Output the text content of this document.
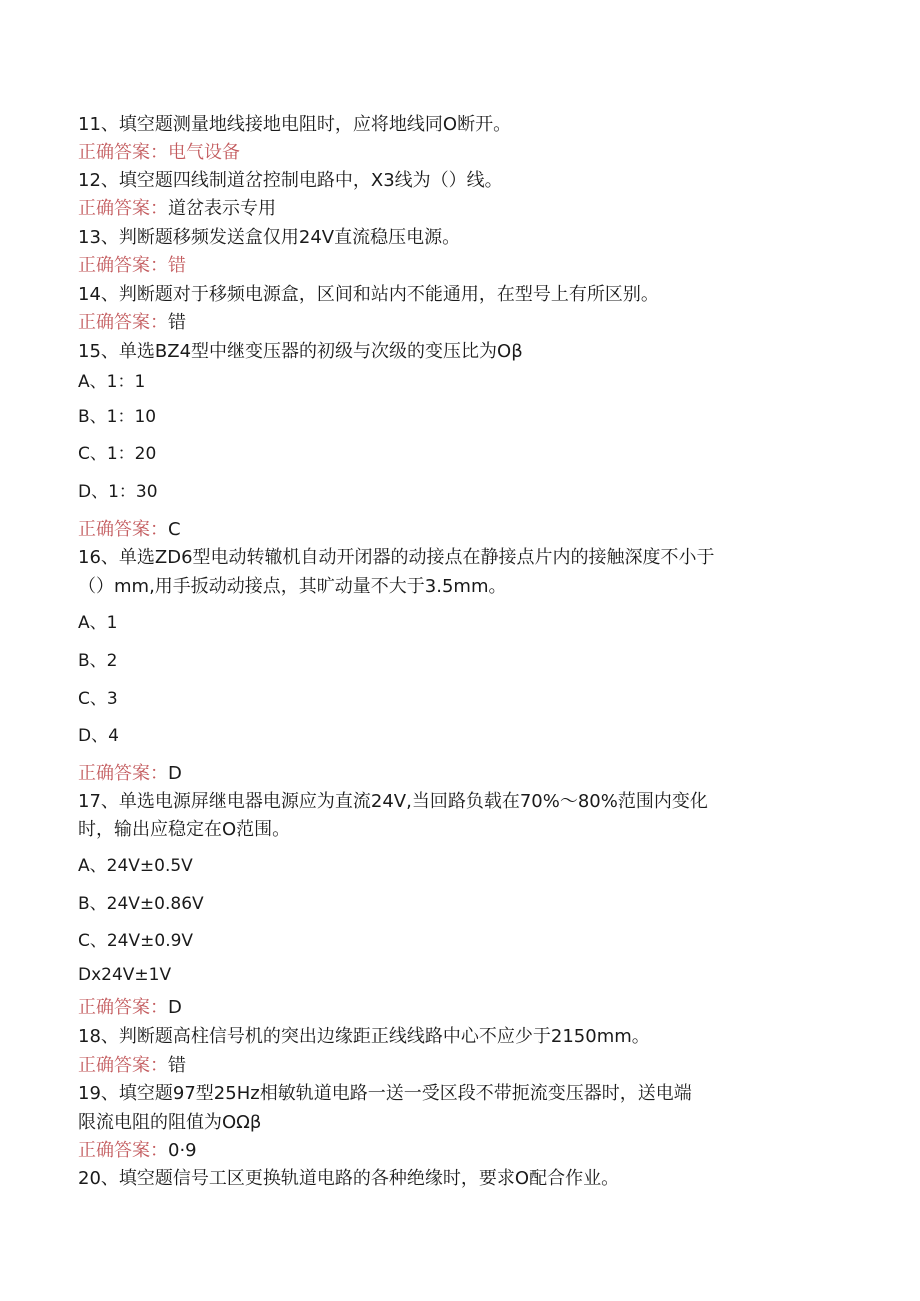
11、填空题测量地线接地电阻时，应将地线同O断开。
正确答案：电气设备
12、填空题四线制道岔控制电路中，X3线为（）线。
正确答案：道岔表示专用
13、判断题移频发送盒仅用24V直流稳压电源。
正确答案：错
14、判断题对于移频电源盒，区间和站内不能通用，在型号上有所区别。
正确答案：错
15、单选BZ4型中继变压器的初级与次级的变压比为Oβ
A、1：1
B、1：10
C、1：20
D、1：30
正确答案：C
16、单选ZD6型电动转辙机自动开闭器的动接点在静接点片内的接触深度不小于
（）mm,用手扳动动接点，其旷动量不大于3.5mm。
A、1
B、2
C、3
D、4
正确答案：D
17、单选电源屏继电器电源应为直流24V,当回路负载在70%～80%范围内变化
时，输出应稳定在O范围。
A、24V±0.5V
B、24V±0.86V
C、24V±0.9V
Dx24V±1V
正确答案：D
18、判断题高柱信号机的突出边缘距正线线路中心不应少于2150mm。
正确答案：错
19、填空题97型25Hz相敏轨道电路一送一受区段不带扼流变压器时，送电端
限流电阻的阻值为OΩβ
正确答案：0·9
20、填空题信号工区更换轨道电路的各种绝缘时，要求O配合作业。
